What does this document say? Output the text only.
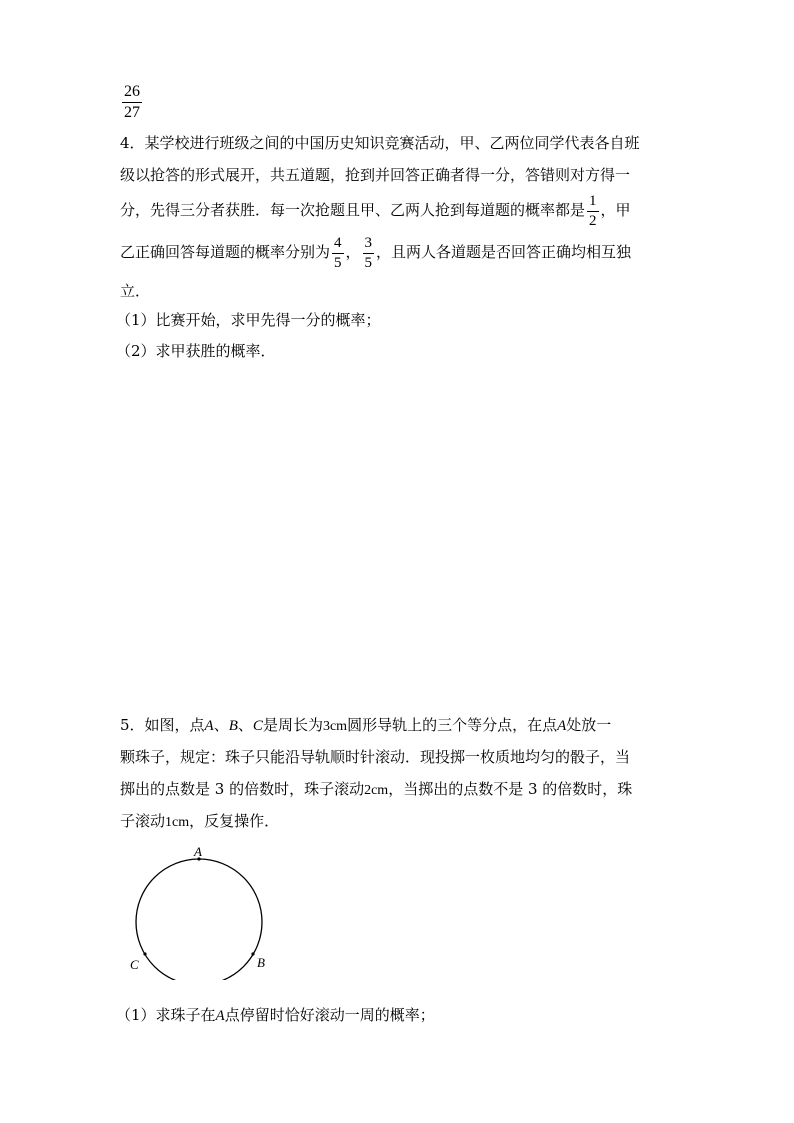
$\frac{26}{27}$
4．某学校进行班级之间的中国历史知识竞赛活动，甲、乙两位同学代表各自班
级以抢答的形式展开，共五道题，抢到并回答正确者得一分，答错则对方得一
分，先得三分者获胜．每一次抢题且甲、乙两人抢到每道题的概率都是 $\frac{1}{2}$ ，甲
乙正确回答每道题的概率分别为 $\frac{4}{5}$ ， $\frac{3}{5}$ ，且两人各道题是否回答正确均相互独
立．
（1）比赛开始，求甲先得一分的概率；
（2）求甲获胜的概率．
5．如图，点A、B、C是周长为3cm圆形导轨上的三个等分点，在点A处放一
颗珠子，规定：珠子只能沿导轨顺时针滚动．现投掷一枚质地均匀的骰子，当
掷出的点数是 3 的倍数时，珠子滚动2cm，当掷出的点数不是 3 的倍数时，珠
子滚动1cm，反复操作．
A
B
C
（1）求珠子在A点停留时恰好滚动一周的概率；
